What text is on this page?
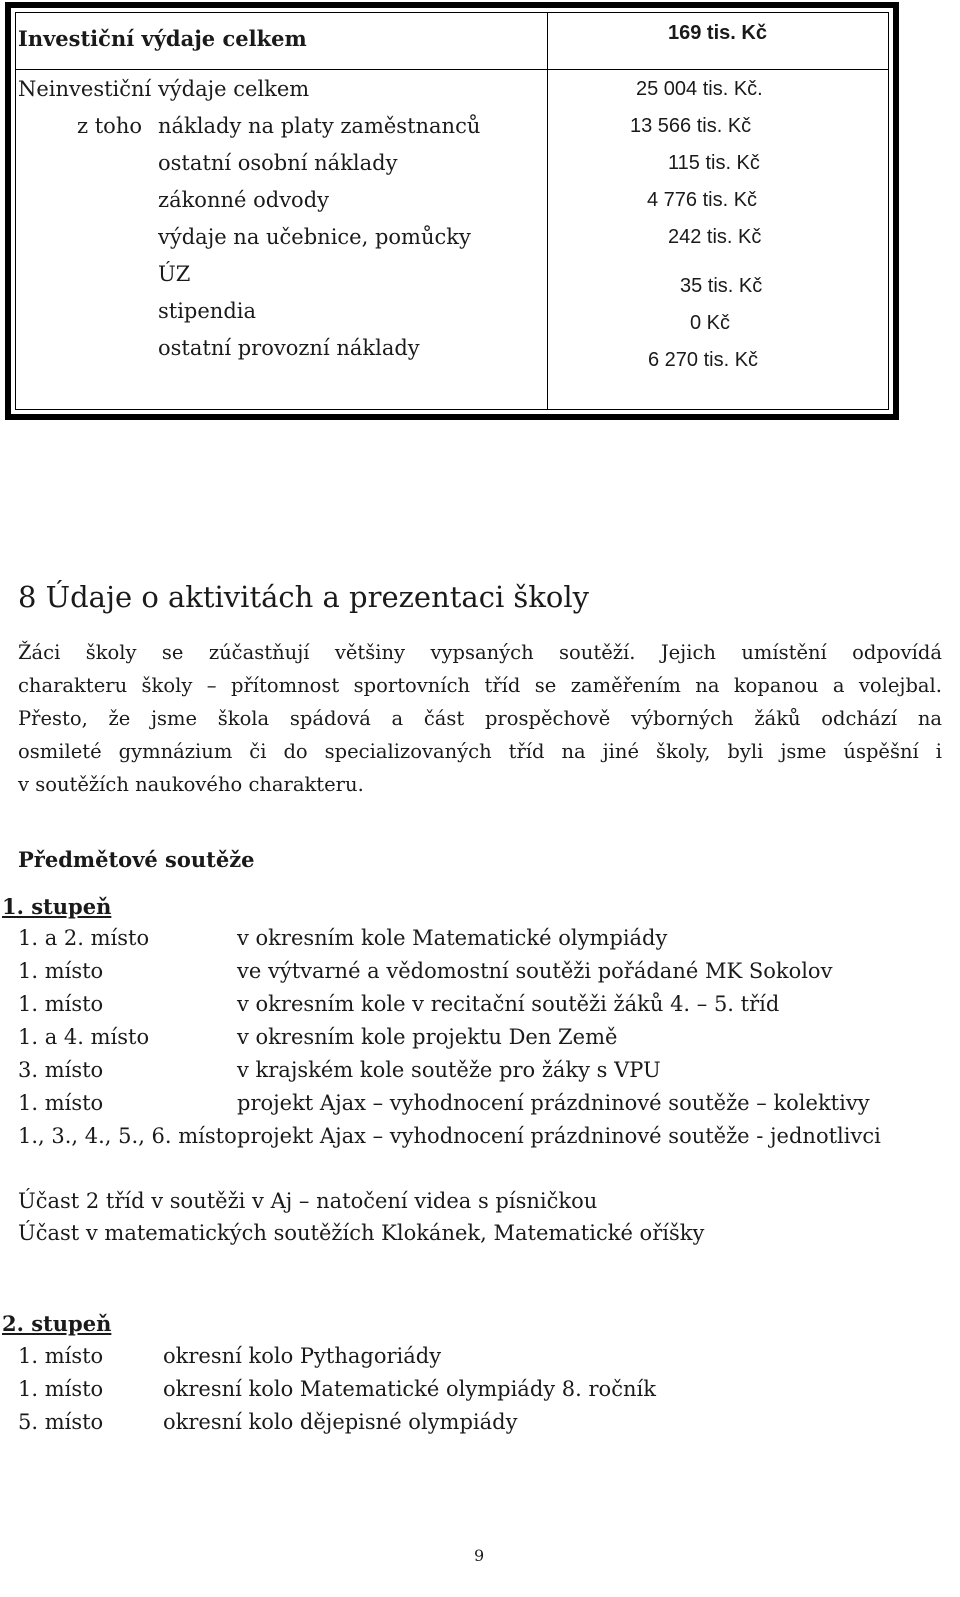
Investiční výdaje celkem	169 tis. Kč
Neinvestiční výdaje celkem	25 004 tis. Kč.
z toho náklady na platy zaměstnanců	13 566 tis. Kč
ostatní osobní náklady	115 tis. Kč
zákonné odvody	4 776 tis. Kč
výdaje na učebnice, pomůcky	242 tis. Kč
ÚZ	35 tis. Kč
stipendia	0 Kč
ostatní provozní náklady	6 270 tis. Kč
8 Údaje o aktivitách a prezentaci školy
Žáci školy se zúčastňují většiny vypsaných soutěží. Jejich umístění odpovídá
charakteru školy – přítomnost sportovních tříd se zaměřením na kopanou a volejbal.
Přesto, že jsme škola spádová a část prospěchově výborných žáků odchází na
osmileté gymnázium či do specializovaných tříd na jiné školy, byli jsme úspěšní i
v soutěžích naukového charakteru.
Předmětové soutěže
1. stupeň
1. a 2. místo	v okresním kole Matematické olympiády
1. místo	ve výtvarné a vědomostní soutěži pořádané MK Sokolov
1. místo	v okresním kole v recitační soutěži žáků 4. – 5. tříd
1. a 4. místo	v okresním kole projektu Den Země
3. místo	v krajském kole soutěže pro žáky s VPU
1. místo	projekt Ajax – vyhodnocení prázdninové soutěže – kolektivy
1., 3., 4., 5., 6. místo projekt Ajax – vyhodnocení prázdninové soutěže - jednotlivci
Účast 2 tříd v soutěži v Aj – natočení videa s písničkou
Účast v matematických soutěžích Klokánek, Matematické oříšky
2. stupeň
1. místo	okresní kolo Pythagoriády
1. místo	okresní kolo Matematické olympiády 8. ročník
5. místo	okresní kolo dějepisné olympiády
9
